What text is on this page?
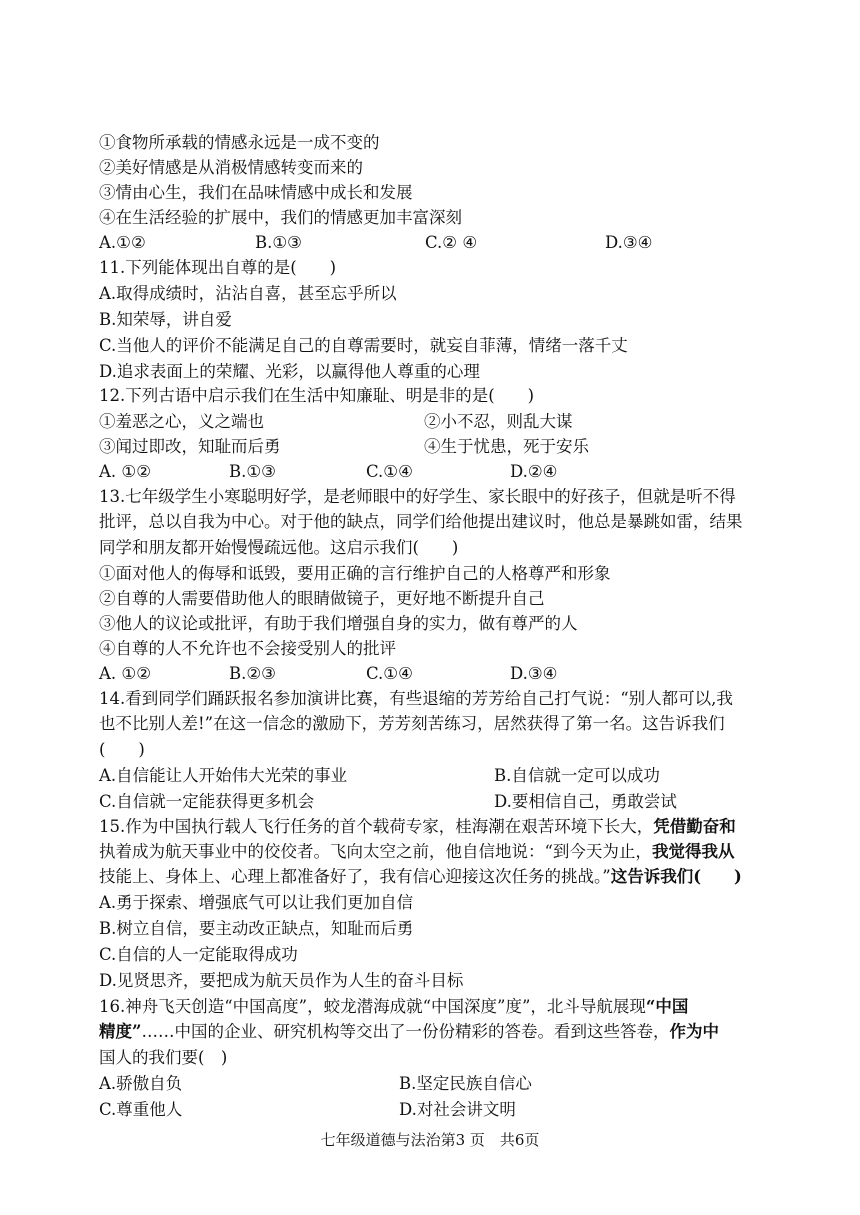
①食物所承载的情感永远是一成不变的
②美好情感是从消极情感转变而来的
③情由心生，我们在品味情感中成长和发展
④在生活经验的扩展中，我们的情感更加丰富深刻
A.①②	B.①③	C.② ④	D.③④
11.下列能体现出自尊的是(　　)
A.取得成绩时，沾沾自喜，甚至忘乎所以
B.知荣辱，讲自爱
C.当他人的评价不能满足自己的自尊需要时，就妄自菲薄，情绪一落千丈
D.追求表面上的荣耀、光彩，以赢得他人尊重的心理
12.下列古语中启示我们在生活中知廉耻、明是非的是(　　)
①羞恶之心，义之端也	②小不忍，则乱大谋
③闻过即改，知耻而后勇	④生于忧患，死于安乐
A. ①②	B.①③	C.①④	D.②④
13.七年级学生小寒聪明好学，是老师眼中的好学生、家长眼中的好孩子，但就是听不得
批评，总以自我为中心。对于他的缺点，同学们给他提出建议时，他总是暴跳如雷，结果
同学和朋友都开始慢慢疏远他。这启示我们(　　)
①面对他人的侮辱和诋毁，要用正确的言行维护自己的人格尊严和形象
②自尊的人需要借助他人的眼睛做镜子，更好地不断提升自己
③他人的议论或批评，有助于我们增强自身的实力，做有尊严的人
④自尊的人不允许也不会接受别人的批评
A. ①②	B.②③	C.①④	D.③④
14.看到同学们踊跃报名参加演讲比赛，有些退缩的芳芳给自己打气说：“别人都可以,我
也不比别人差!”在这一信念的激励下，芳芳刻苦练习，居然获得了第一名。这告诉我们
(　　)
A.自信能让人开始伟大光荣的事业	B.自信就一定可以成功
C.自信就一定能获得更多机会	D.要相信自己，勇敢尝试
15.作为中国执行载人飞行任务的首个载荷专家，桂海潮在艰苦环境下长大，凭借勤奋和
执着成为航天事业中的佼佼者。飞向太空之前，他自信地说：“到今天为止，我觉得我从
技能上、身体上、心理上都准备好了，我有信心迎接这次任务的挑战。”这告诉我们(　　)
A.勇于探索、增强底气可以让我们更加自信
B.树立自信，要主动改正缺点，知耻而后勇
C.自信的人一定能取得成功
D.见贤思齐，要把成为航天员作为人生的奋斗目标
16.神舟飞天创造“中国高度”，蛟龙潜海成就“中国深度”度”，北斗导航展现“中国
精度”……中国的企业、研究机构等交出了一份份精彩的答卷。看到这些答卷，作为中
国人的我们要(　)
A.骄傲自负	B.坚定民族自信心
C.尊重他人	D.对社会讲文明
七年级道德与法治第3 页　共6页
